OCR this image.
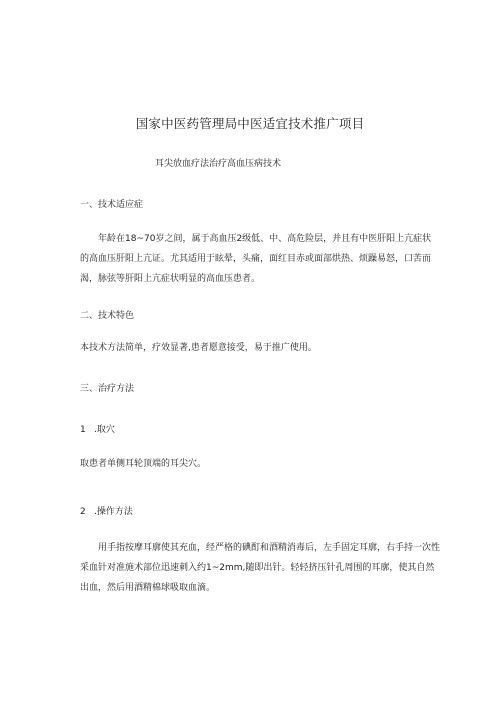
国家中医药管理局中医适宜技术推广项目
耳尖放血疗法治疗高血压病技术
一、技术适应症
年龄在18~70岁之间，属于高血压2级低、中、高危险层，并且有中医肝阳上亢症状的高血压肝阳上亢证。尤其适用于眩晕，头痛，面红目赤或面部烘热、烦躁易怒，口苦而渴，脉弦等肝阳上亢症状明显的高血压患者。
二、技术特色
本技术方法简单，疗效显著,患者愿意接受，易于推广使用。
三、治疗方法
1 .取穴
取患者单侧耳轮顶端的耳尖穴。
2 .操作方法
用手指按摩耳廓使其充血，经严格的碘酊和酒精消毒后，左手固定耳廓，右手持一次性采血针对准施术部位迅速刺入约1~2mm,随即出针。轻轻挤压针孔周围的耳廓，使其自然出血，然后用酒精棉球吸取血滴。
